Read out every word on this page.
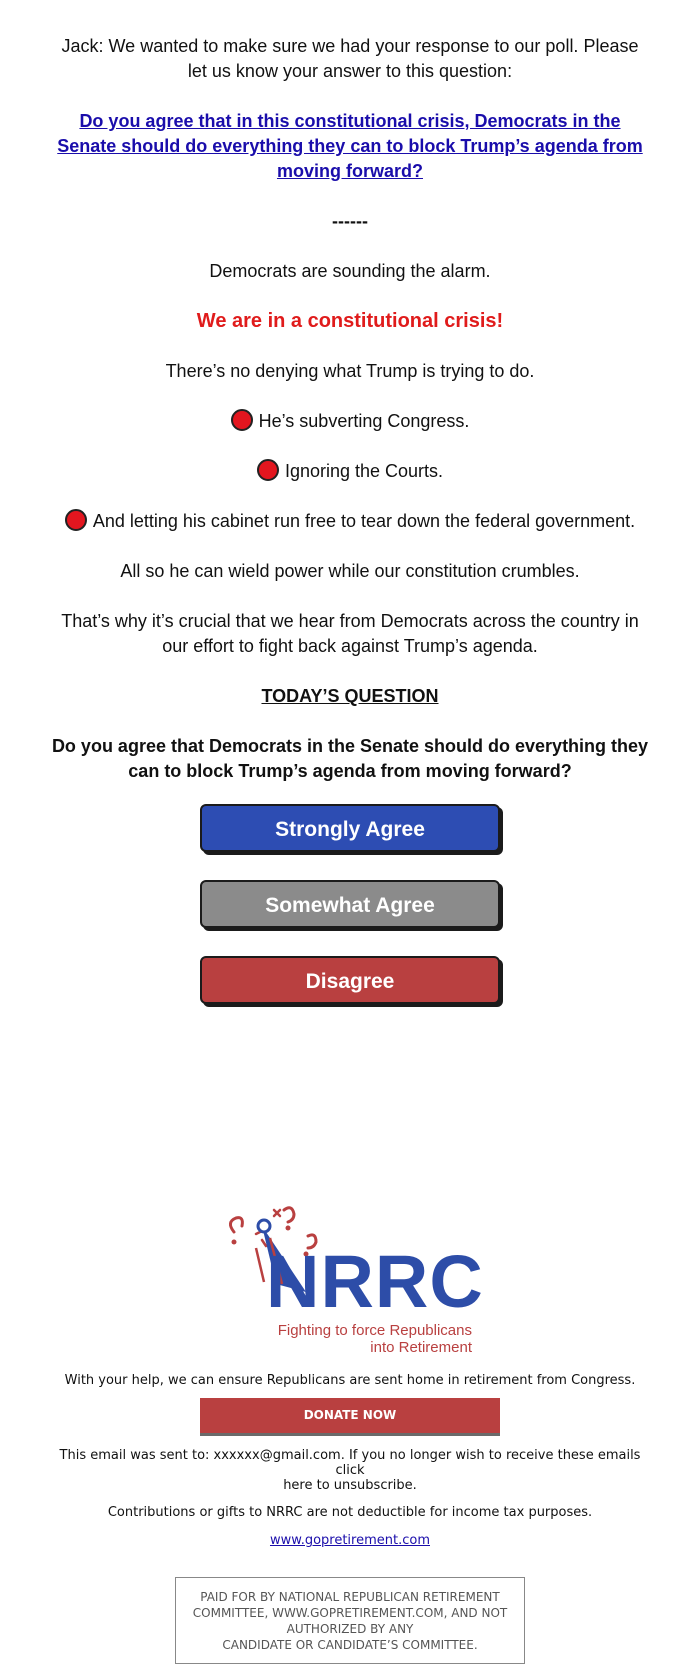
Jack: We wanted to make sure we had your response to our poll. Please
let us know your answer to this question:
Do you agree that in this constitutional crisis, Democrats in the
Senate should do everything they can to block Trump’s agenda from
moving forward?
------
Democrats are sounding the alarm.
We are in a constitutional crisis!
There’s no denying what Trump is trying to do.
He’s subverting Congress.
Ignoring the Courts.
And letting his cabinet run free to tear down the federal government.
All so he can wield power while our constitution crumbles.
That’s why it’s crucial that we hear from Democrats across the country in
our effort to fight back against Trump’s agenda.
TODAY’S QUESTION
Do you agree that Democrats in the Senate should do everything they
can to block Trump’s agenda from moving forward?
Strongly Agree
Somewhat Agree
Disagree
NRRC
Fighting to force Republicans
into Retirement
With your help, we can ensure Republicans are sent home in retirement from Congress.
DONATE NOW
This email was sent to: xxxxxx@gmail.com. If you no longer wish to receive these emails click
here to unsubscribe.
Contributions or gifts to NRRC are not deductible for income tax purposes.
www.gopretirement.com
PAID FOR BY NATIONAL REPUBLICAN RETIREMENT
COMMITTEE, WWW.GOPRETIREMENT.COM, AND NOT
AUTHORIZED BY ANY
CANDIDATE OR CANDIDATE’S COMMITTEE.
